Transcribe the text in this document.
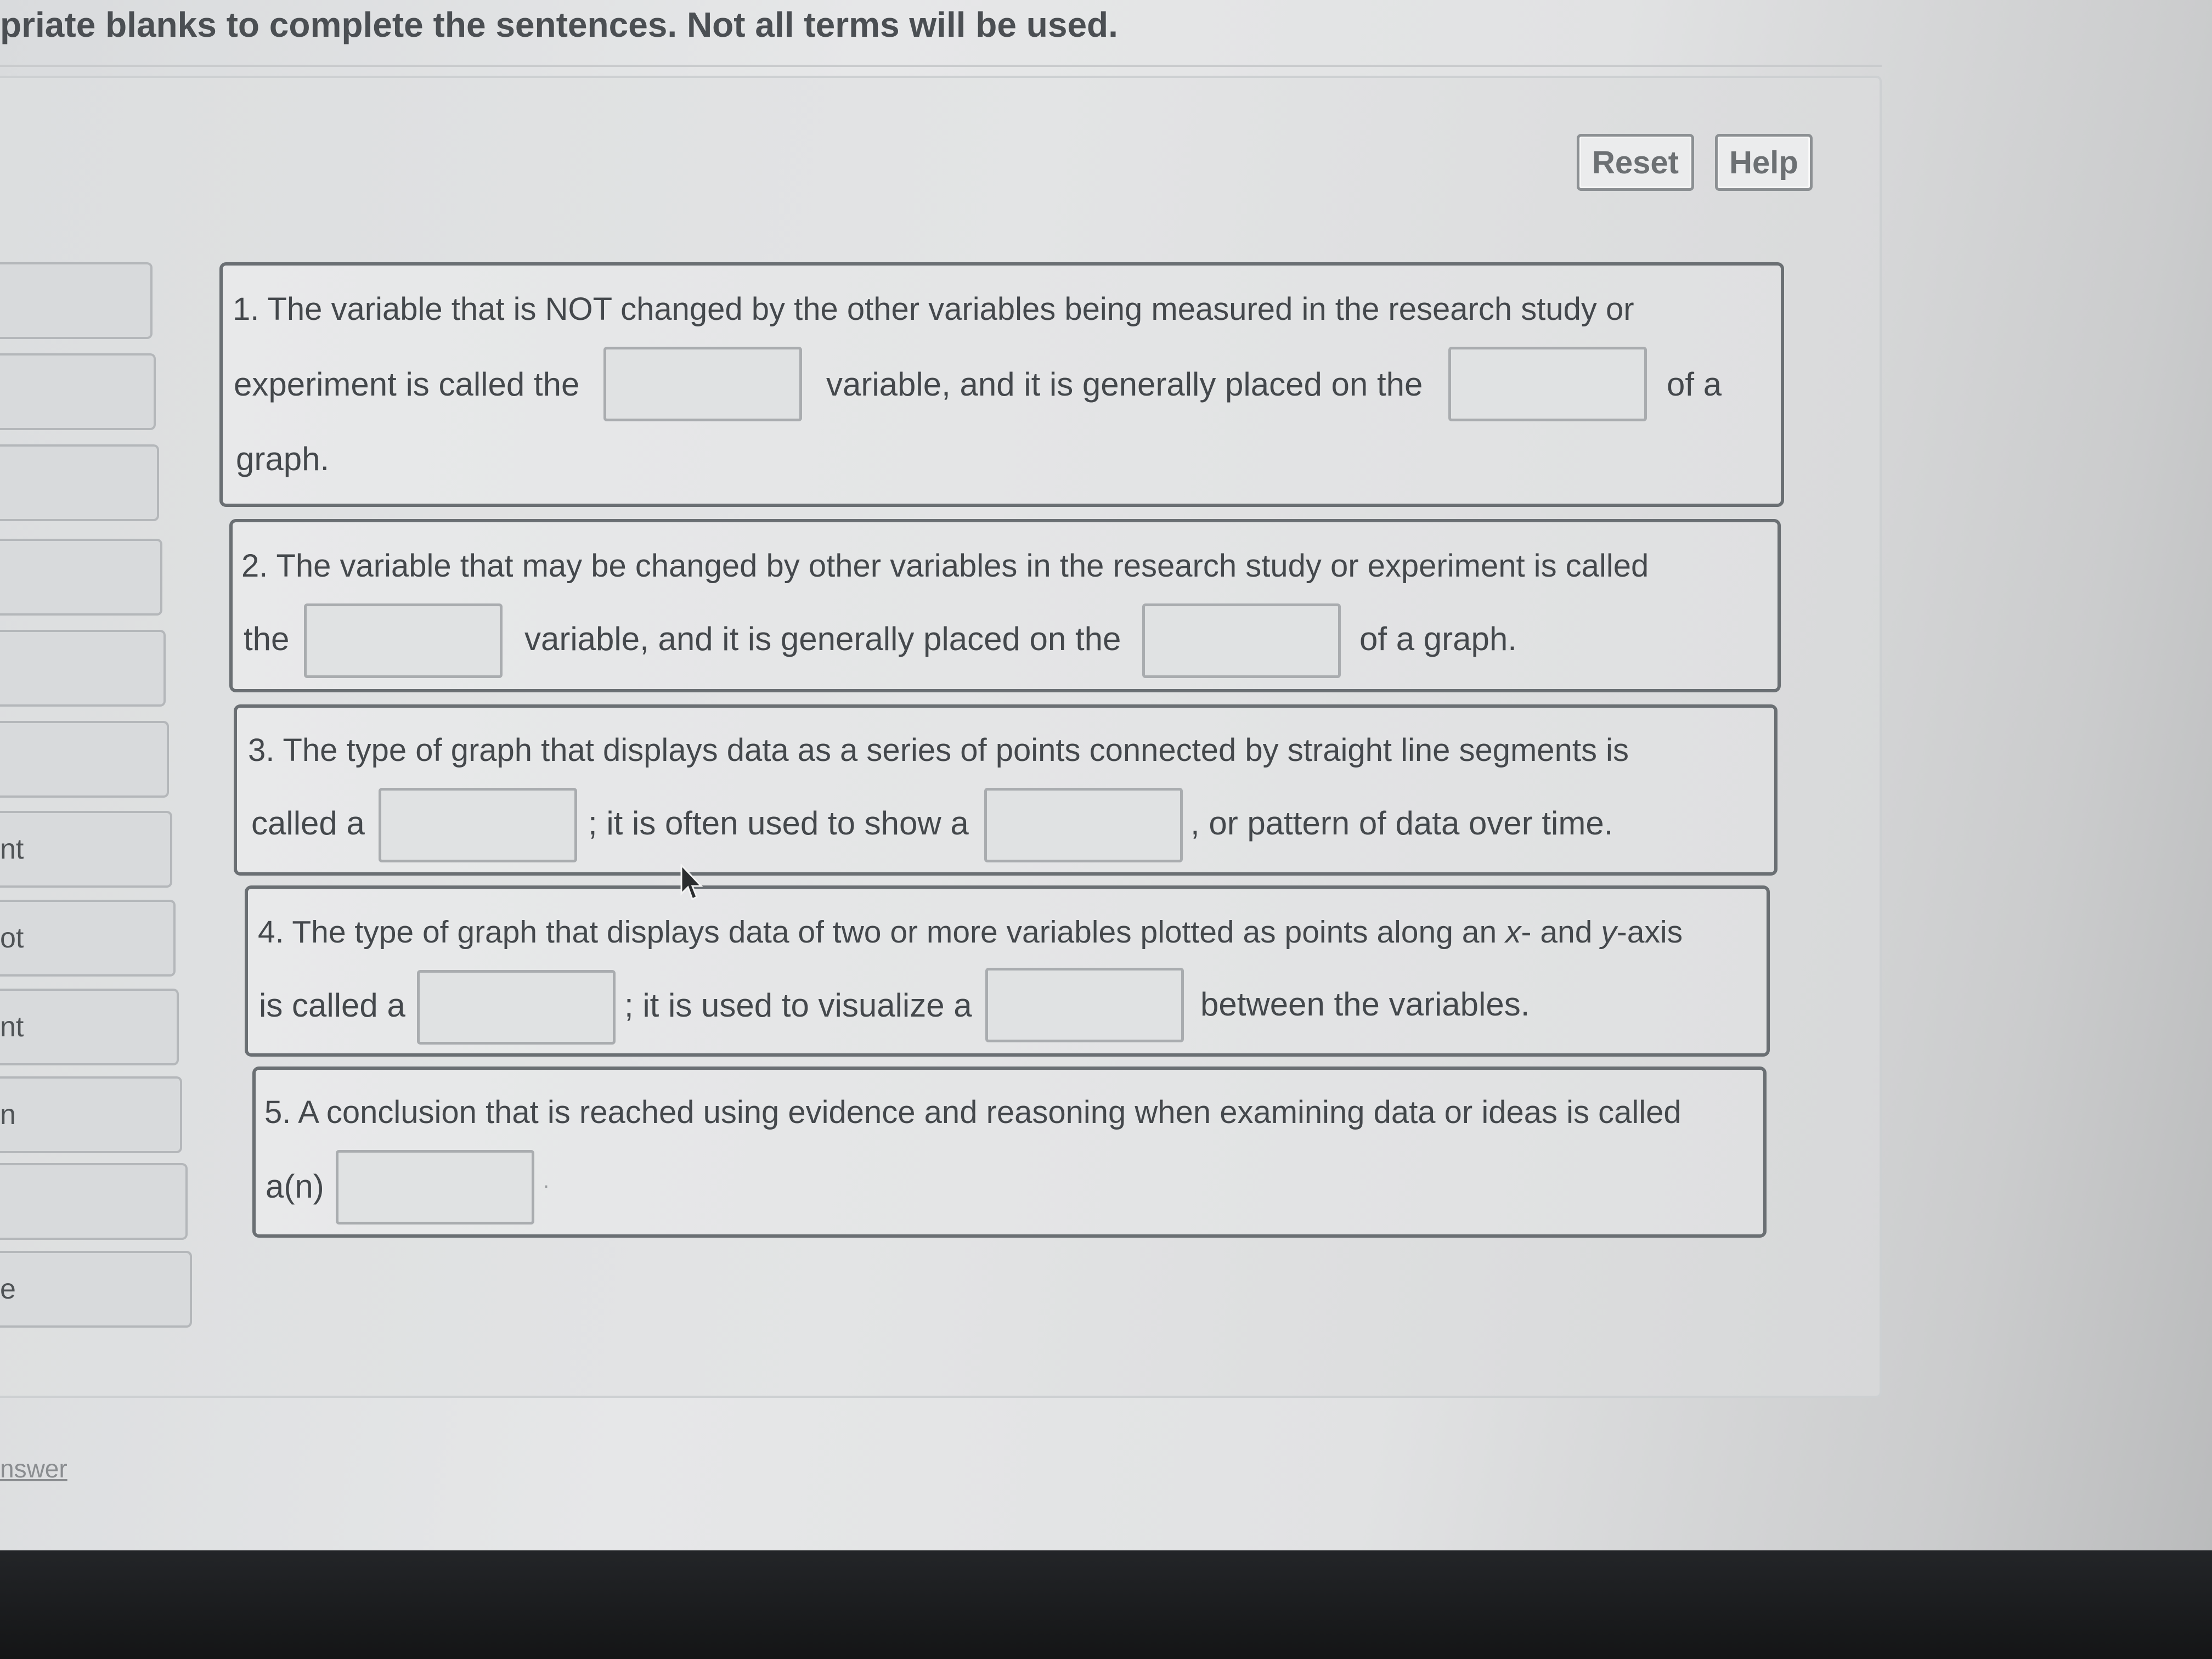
priate blanks to complete the sentences. Not all terms will be used.
Reset	Help
nt
ot
nt
n
e
1. The variable that is NOT changed by the other variables being measured in the research study or
experiment is called the	variable, and it is generally placed on the	of a
graph.
2. The variable that may be changed by other variables in the research study or experiment is called
the	variable, and it is generally placed on the	of a graph.
3. The type of graph that displays data as a series of points connected by straight line segments is
called a	; it is often used to show a	, or pattern of data over time.
4. The type of graph that displays data of two or more variables plotted as points along an
x - and
y -axis
is called a	; it is used to visualize a	between the variables.
5. A conclusion that is reached using evidence and reasoning when examining data or ideas is called
a(n)	.
nswer
